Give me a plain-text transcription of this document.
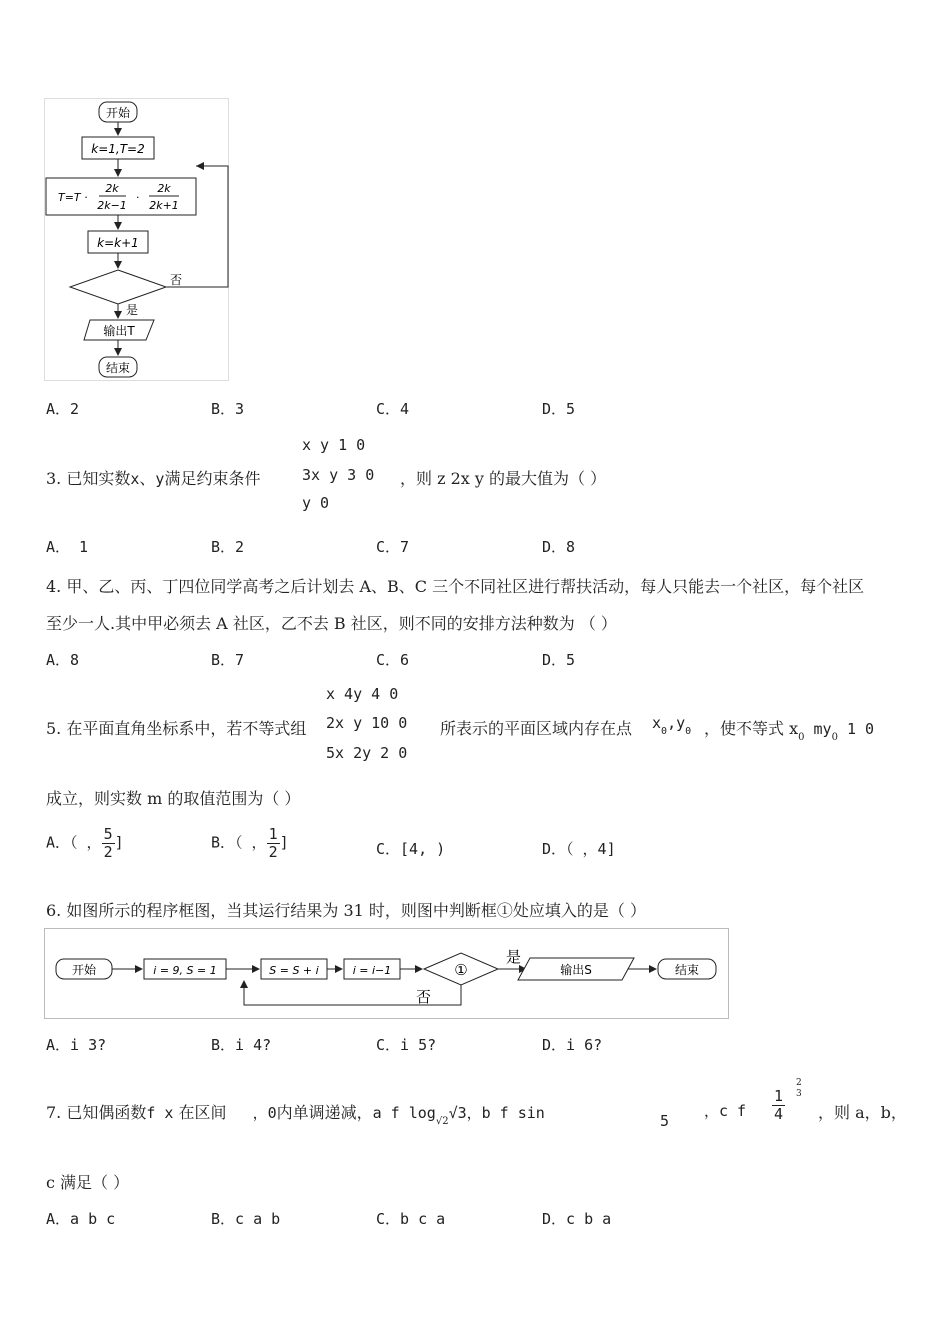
开始
k=1,T=2
T=T ·
2k
2k−1
·
2k
2k+1
k=k+1
否
是
输出T
结束
A．2	B．3	C．4	D．5
x y 1 0
3. 已知实数x、y满足约束条件	3x y 3 0 ，则 z 2x y 的最大值为（ ）
y 0
A． 1	B．2	C．7	D．8
4. 甲、乙、丙、丁四位同学高考之后计划去 A、B、C 三个不同社区进行帮扶活动，每人只能去一个社区，每个社区
至少一人.其中甲必须去 A 社区，乙不去 B 社区，则不同的安排方法种数为 （ ）
A．8	B．7	C．6	D．5
x 4y 4 0
5. 在平面直角坐标系中，若不等式组 2x y 10 0 所表示的平面区域内存在点 $x_0,y_0$ ，使不等式 $x_0$ $my_0$ 1 0
5x 2y 2 0
成立，则实数 m 的取值范围为（ ）
A．（ ， $\frac{5}{2}$ ]	B．（ ， $\frac{1}{2}$ ]	C．[4, )	D．（ ，4]
6. 如图所示的程序框图，当其运行结果为 31 时，则图中判断框①处应填入的是（ ）
开始	i = 9, S = 1	S = S + i	i = i−1	①
是
输出S	结束
否
A．i 3?	B．i 4?	C．i 5?	D．i 6?
7. 已知偶函数f x 在区间 ，0内单调递减，a f $\log_{√2}√3$，b f sin	5
，c f $\frac{1}{4}$
2
3
，则 a，b，
c 满足（ ）
A．a b c	B．c a b	C．b c a	D．c b a
